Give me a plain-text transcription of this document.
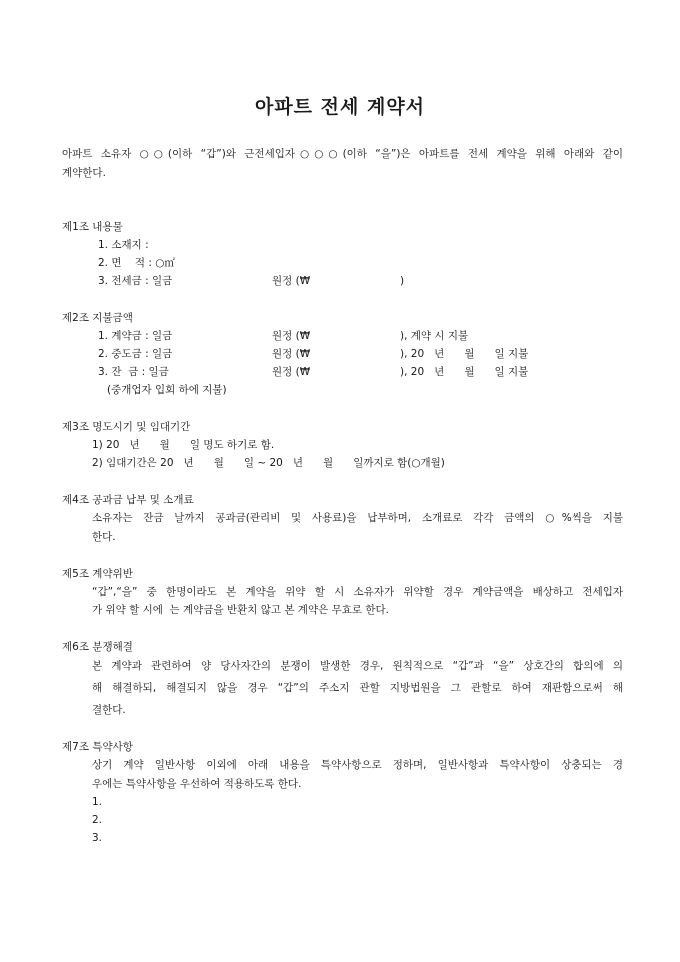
아파트 전세 계약서
아파트 소유자 ○○(이하 “갑”)와 근전세입자○○○(이하 “을”)은 아파트를 전세 계약을 위해 아래와 같이
계약한다.
제1조 내용물
1. 소재지 :
2. 면    적 : ○㎡
3. 전세금 : 일금	원정 (₩	)
제2조 지불금액
1. 계약금 : 일금	원정 (₩	), 계약 시 지불
2. 중도금 : 일금	원정 (₩	), 20   년      월      일 지불
3. 잔  금 : 일금	원정 (₩	), 20   년      월      일 지불
(중개업자 입회 하에 지불)
제3조 명도시기 및 임대기간
1) 20   년      월      일 명도 하기로 함.
2) 임대기간은 20   년      월      일 ~ 20   년      월      일까지로 함(○개월)
제4조 공과금 납부 및 소개료
소유자는 잔금 날까지 공과금(관리비 및 사용료)을 납부하며, 소개료로 각각 금액의 ○%씩을 지불
한다.
제5조 계약위반
“갑”,“을” 중 한명이라도 본 계약을 위약 할 시 소유자가 위약할 경우 계약금액을 배상하고 전세입자
가 위약 할 시에  는 계약금을 반환치 않고 본 계약은 무효로 한다.
제6조 분쟁해결
본 계약과 관련하여 양 당사자간의 분쟁이 발생한 경우, 원칙적으로 “갑”과 “을” 상호간의 합의에 의
해 해결하되, 해결되지 않을 경우 “갑”의 주소지 관할 지방법원을 그 관할로 하여 재판함으로써 해
결한다.
제7조 특약사항
상기 계약 일반사항 이외에 아래 내용을 특약사항으로 정하며, 일반사항과 특약사항이 상충되는 경
우에는 특약사항을 우선하여 적용하도록 한다.
1.
2.
3.
